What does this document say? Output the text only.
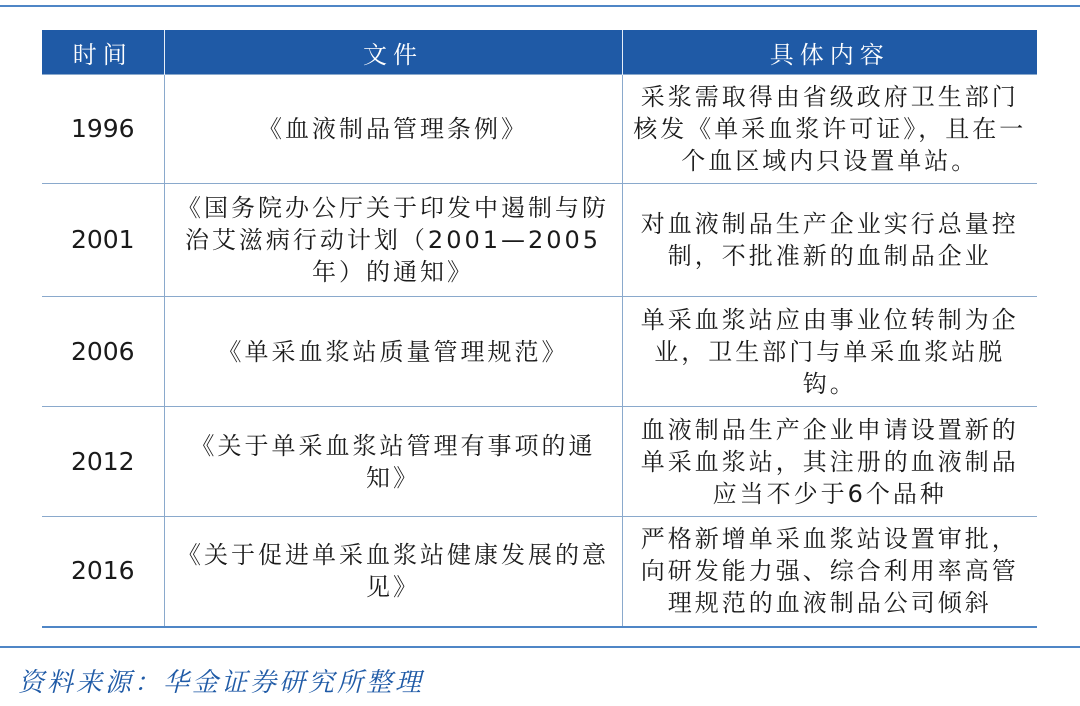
时间	文件	具体内容
1996	《血液制品管理条例》	采浆需取得由省级政府卫生部门核发《单采血浆许可证》，且在一个血区域内只设置单站。
2001	《国务院办公厅关于印发中遏制与防治艾滋病行动计划（2001—2005年）的通知》	对血液制品生产企业实行总量控制，不批准新的血制品企业
2006	《单采血浆站质量管理规范》	单采血浆站应由事业位转制为企业，卫生部门与单采血浆站脱钩。
2012	《关于单采血浆站管理有事项的通知》	血液制品生产企业申请设置新的单采血浆站，其注册的血液制品应当不少于6个品种
2016	《关于促进单采血浆站健康发展的意见》	严格新增单采血浆站设置审批，向研发能力强、综合利用率高管理规范的血液制品公司倾斜
资料来源：华金证券研究所整理
